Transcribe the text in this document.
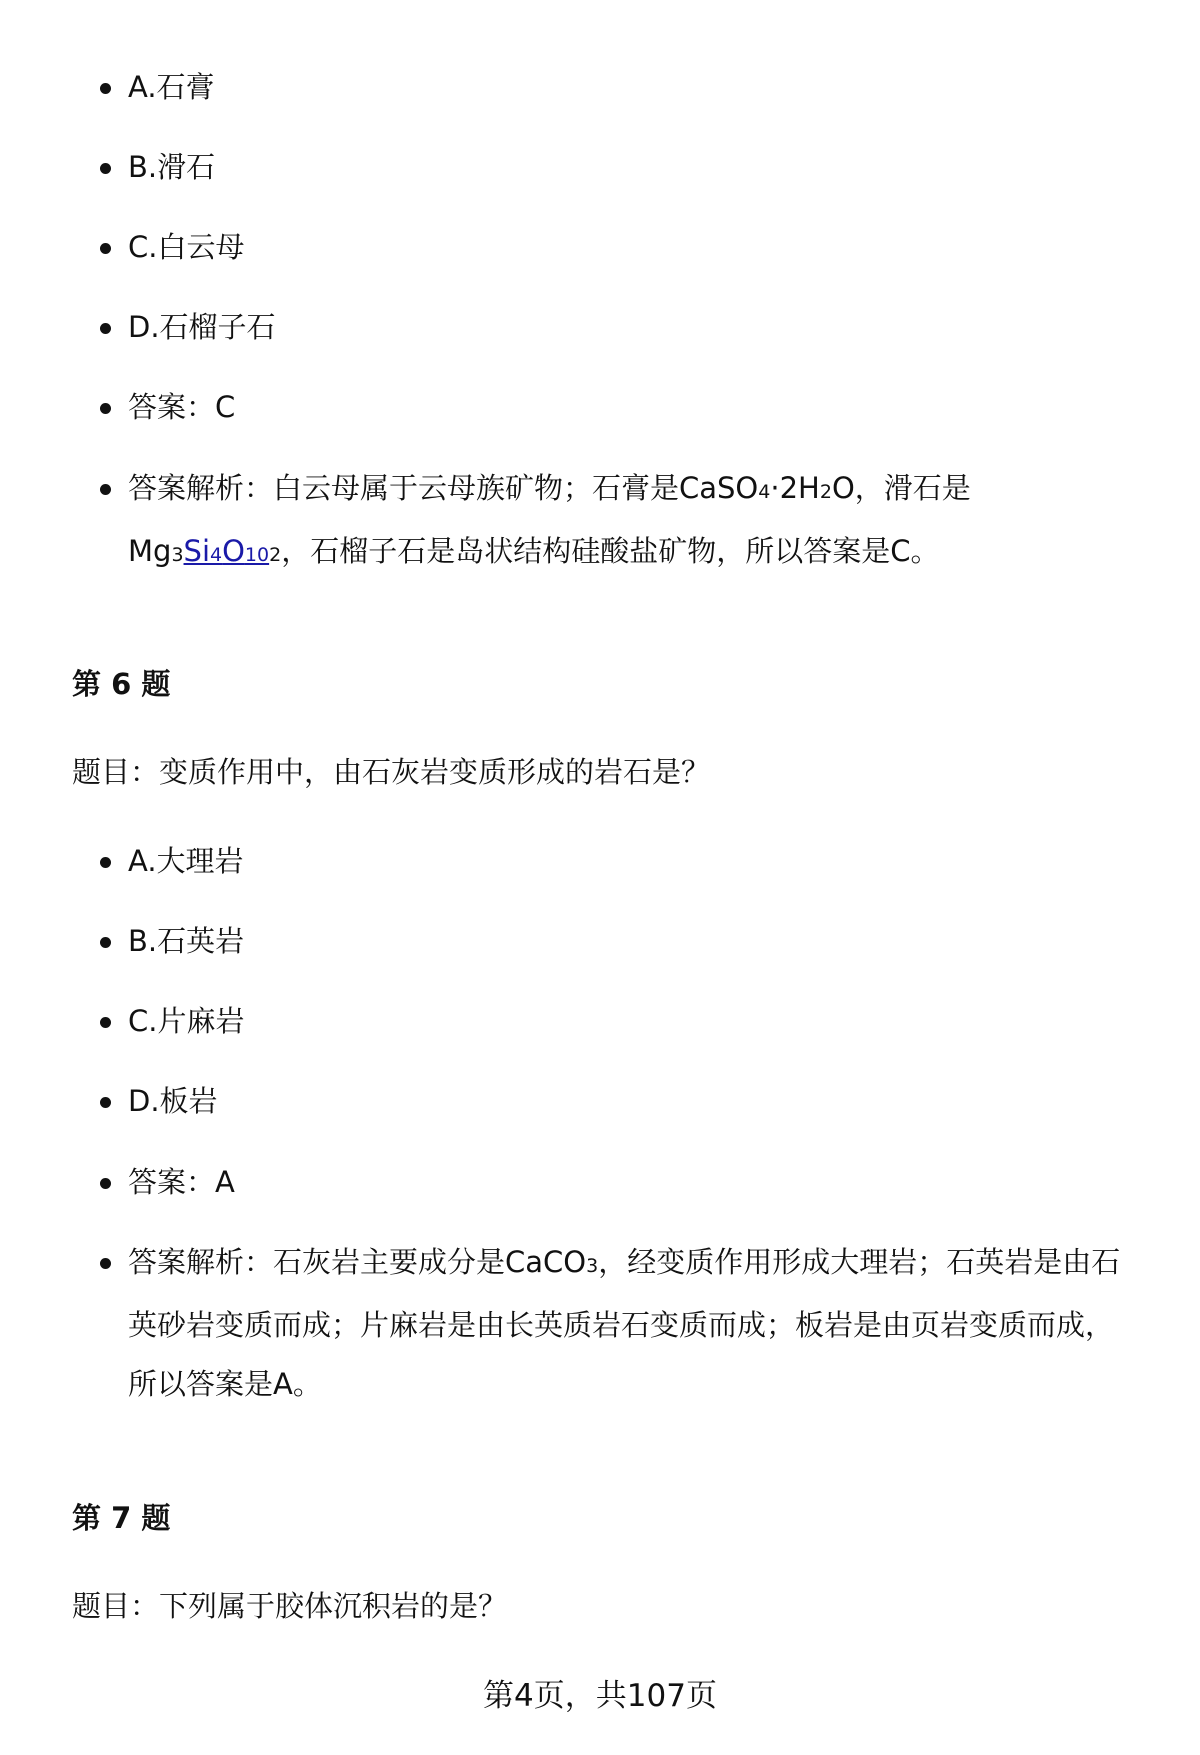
A.石膏
B.滑石
C.白云母
D.石榴子石
答案：C
答案解析：白云母属于云母族矿物；石膏是CaSO4·2H2O，滑石是
Mg3Si4O102，石榴子石是岛状结构硅酸盐矿物，所以答案是C。
第 6 题
题目：变质作用中，由石灰岩变质形成的岩石是？
A.大理岩
B.石英岩
C.片麻岩
D.板岩
答案：A
答案解析：石灰岩主要成分是CaCO3，经变质作用形成大理岩；石英岩是由石
英砂岩变质而成；片麻岩是由长英质岩石变质而成；板岩是由页岩变质而成，
所以答案是A。
第 7 题
题目：下列属于胶体沉积岩的是？
第4页，共107页
